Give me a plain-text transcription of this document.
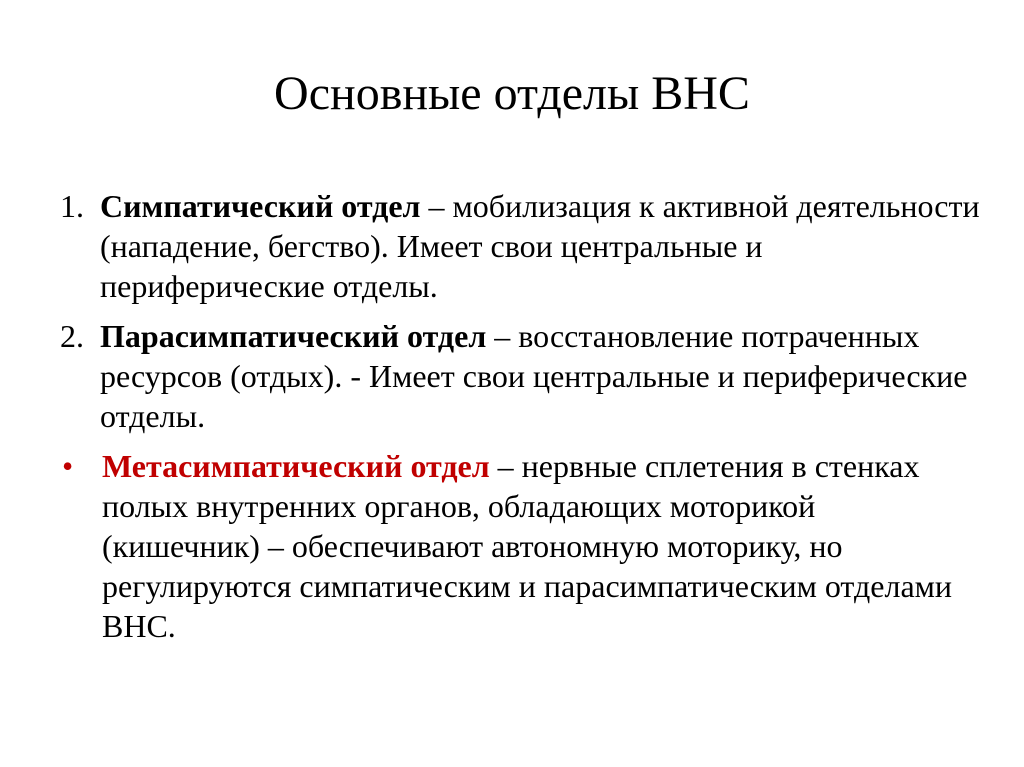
Основные отделы ВНС
1. Симпатический отдел – мобилизация к активной деятельности (нападение, бегство). Имеет свои центральные и периферические отделы.
2. Парасимпатический отдел – восстановление потраченных ресурсов (отдых). - Имеет свои центральные и периферические отделы.
• Метасимпатический отдел – нервные сплетения в стенках полых внутренних органов, обладающих моторикой (кишечник) – обеспечивают автономную моторику, но регулируются симпатическим и парасимпатическим отделами ВНС.
